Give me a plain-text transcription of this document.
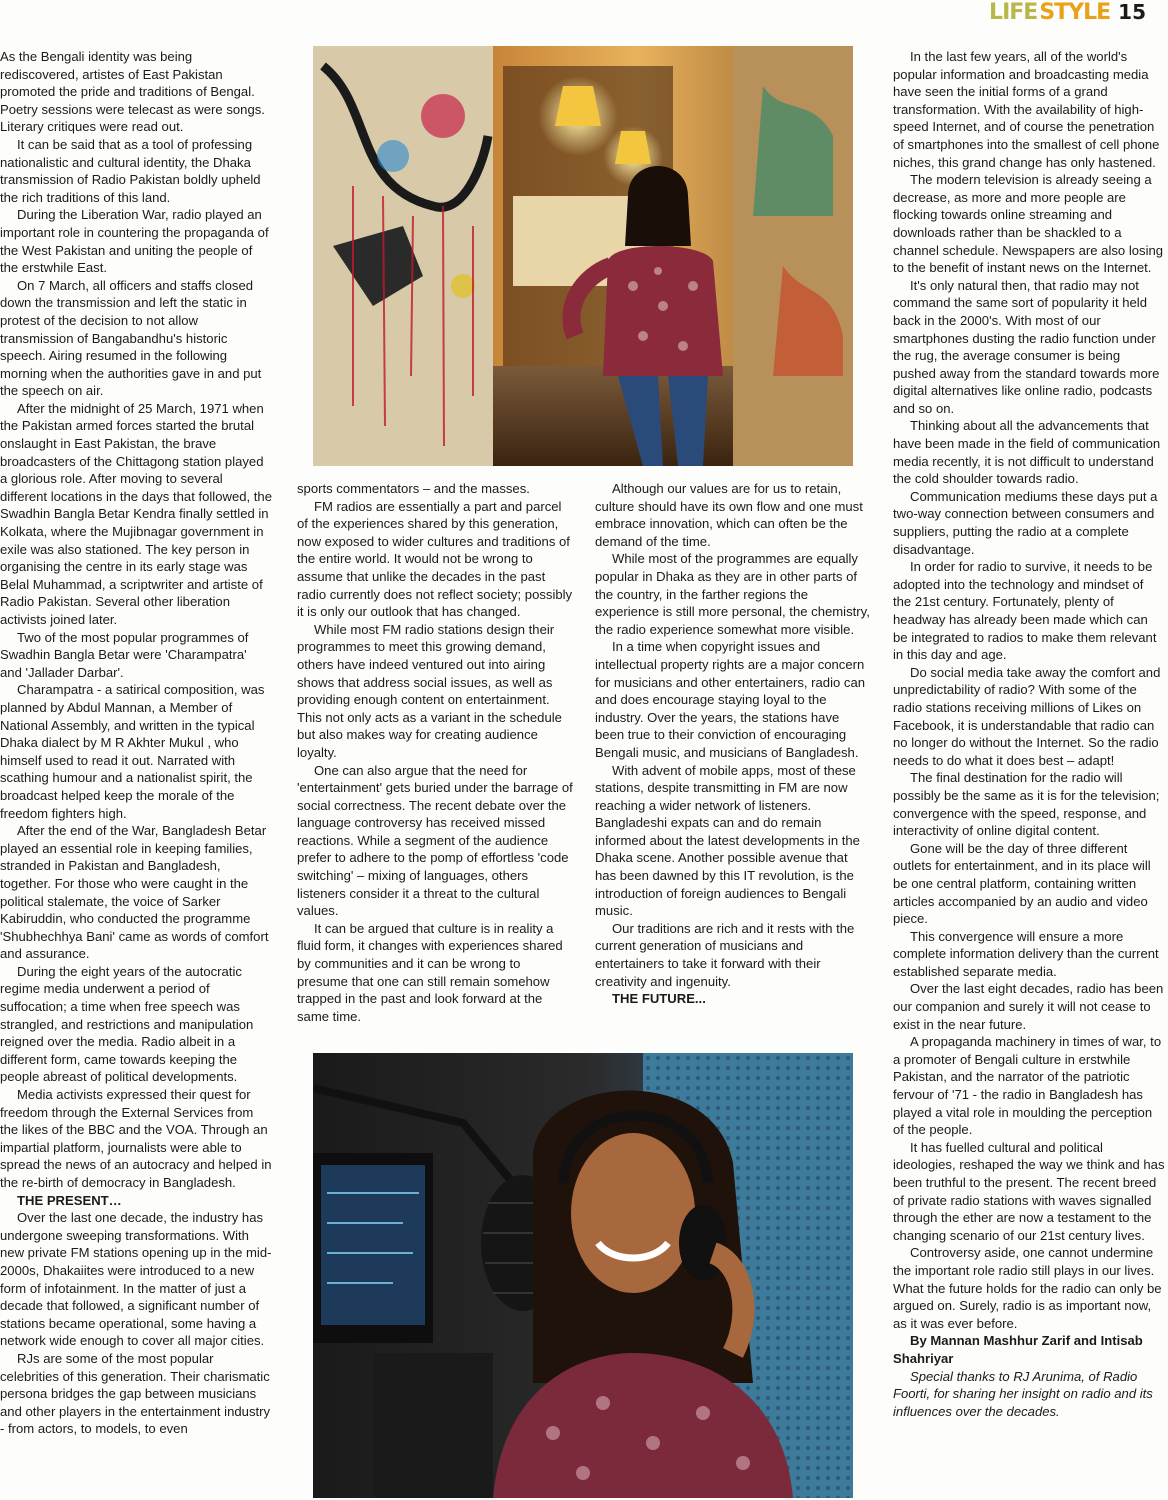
LIFE STYLE 15

As the Bengali identity was being rediscovered, artistes of East Pakistan promoted the pride and traditions of Bengal. Poetry sessions were telecast as were songs. Literary critiques were read out.

It can be said that as a tool of professing nationalistic and cultural identity, the Dhaka transmission of Radio Pakistan boldly upheld the rich traditions of this land.

During the Liberation War, radio played an important role in countering the propaganda of the West Pakistan and uniting the people of the erstwhile East.

On 7 March, all officers and staffs closed down the transmission and left the static in protest of the decision to not allow transmission of Bangabandhu's historic speech. Airing resumed in the following morning when the authorities gave in and put the speech on air.

After the midnight of 25 March, 1971 when the Pakistan armed forces started the brutal onslaught in East Pakistan, the brave broadcasters of the Chittagong station played a glorious role. After moving to several different locations in the days that followed, the Swadhin Bangla Betar Kendra finally settled in Kolkata, where the Mujibnagar government in exile was also stationed. The key person in organising the centre in its early stage was Belal Muhammad, a scriptwriter and artiste of Radio Pakistan. Several other liberation activists joined later.

Two of the most popular programmes of Swadhin Bangla Betar were 'Charampatra' and 'Jallader Darbar'.

Charampatra - a satirical composition, was planned by Abdul Mannan, a Member of National Assembly, and written in the typical Dhaka dialect by M R Akhter Mukul , who himself used to read it out. Narrated with scathing humour and a nationalist spirit, the broadcast helped keep the morale of the freedom fighters high.

After the end of the War, Bangladesh Betar played an essential role in keeping families, stranded in Pakistan and Bangladesh, together. For those who were caught in the political stalemate, the voice of Sarker Kabiruddin, who conducted the programme 'Shubhechhya Bani' came as words of comfort and assurance.

During the eight years of the autocratic regime media underwent a period of suffocation; a time when free speech was strangled, and restrictions and manipulation reigned over the media. Radio albeit in a different form, came towards keeping the people abreast of political developments.

Media activists expressed their quest for freedom through the External Services from the likes of the BBC and the VOA. Through an impartial platform, journalists were able to spread the news of an autocracy and helped in the re-birth of democracy in Bangladesh.

THE PRESENT…

Over the last one decade, the industry has undergone sweeping transformations. With new private FM stations opening up in the mid-2000s, Dhakaiites were introduced to a new form of infotainment. In the matter of just a decade that followed, a significant number of stations became operational, some having a network wide enough to cover all major cities.

RJs are some of the most popular celebrities of this generation. Their charismatic persona bridges the gap between musicians and other players in the entertainment industry - from actors, to models, to even

sports commentators – and the masses.

FM radios are essentially a part and parcel of the experiences shared by this generation, now exposed to wider cultures and traditions of the entire world. It would not be wrong to assume that unlike the decades in the past radio currently does not reflect society; possibly it is only our outlook that has changed.

While most FM radio stations design their programmes to meet this growing demand, others have indeed ventured out into airing shows that address social issues, as well as providing enough content on entertainment. This not only acts as a variant in the schedule but also makes way for creating audience loyalty.

One can also argue that the need for 'entertainment' gets buried under the barrage of social correctness. The recent debate over the language controversy has received missed reactions. While a segment of the audience prefer to adhere to the pomp of effortless 'code switching' – mixing of languages, others listeners consider it a threat to the cultural values.

It can be argued that culture is in reality a fluid form, it changes with experiences shared by communities and it can be wrong to presume that one can still remain somehow trapped in the past and look forward at the same time.

Although our values are for us to retain, culture should have its own flow and one must embrace innovation, which can often be the demand of the time.

While most of the programmes are equally popular in Dhaka as they are in other parts of the country, in the farther regions the experience is still more personal, the chemistry, the radio experience somewhat more visible.

In a time when copyright issues and intellectual property rights are a major concern for musicians and other entertainers, radio can and does encourage staying loyal to the industry. Over the years, the stations have been true to their conviction of encouraging Bengali music, and musicians of Bangladesh.

With advent of mobile apps, most of these stations, despite transmitting in FM are now reaching a wider network of listeners. Bangladeshi expats can and do remain informed about the latest developments in the Dhaka scene. Another possible avenue that has been dawned by this IT revolution, is the introduction of foreign audiences to Bengali music.

Our traditions are rich and it rests with the current generation of musicians and entertainers to take it forward with their creativity and ingenuity.

THE FUTURE...

In the last few years, all of the world's popular information and broadcasting media have seen the initial forms of a grand transformation. With the availability of high-speed Internet, and of course the penetration of smartphones into the smallest of cell phone niches, this grand change has only hastened.

The modern television is already seeing a decrease, as more and more people are flocking towards online streaming and downloads rather than be shackled to a channel schedule. Newspapers are also losing to the benefit of instant news on the Internet.

It's only natural then, that radio may not command the same sort of popularity it held back in the 2000's. With most of our smartphones dusting the radio function under the rug, the average consumer is being pushed away from the standard towards more digital alternatives like online radio, podcasts and so on.

Thinking about all the advancements that have been made in the field of communication media recently, it is not difficult to understand the cold shoulder towards radio.

Communication mediums these days put a two-way connection between consumers and suppliers, putting the radio at a complete disadvantage.

In order for radio to survive, it needs to be adopted into the technology and mindset of the 21st century. Fortunately, plenty of headway has already been made which can be integrated to radios to make them relevant in this day and age.

Do social media take away the comfort and unpredictability of radio? With some of the radio stations receiving millions of Likes on Facebook, it is understandable that radio can no longer do without the Internet. So the radio needs to do what it does best – adapt!

The final destination for the radio will possibly be the same as it is for the television; convergence with the speed, response, and interactivity of online digital content.

Gone will be the day of three different outlets for entertainment, and in its place will be one central platform, containing written articles accompanied by an audio and video piece.

This convergence will ensure a more complete information delivery than the current established separate media.

Over the last eight decades, radio has been our companion and surely it will not cease to exist in the near future.

A propaganda machinery in times of war, to a promoter of Bengali culture in erstwhile Pakistan, and the narrator of the patriotic fervour of '71 - the radio in Bangladesh has played a vital role in moulding the perception of the people.

It has fuelled cultural and political ideologies, reshaped the way we think and has been truthful to the present. The recent breed of private radio stations with waves signalled through the ether are now a testament to the changing scenario of our 21st century lives.

Controversy aside, one cannot undermine the important role radio still plays in our lives. What the future holds for the radio can only be argued on. Surely, radio is as important now, as it was ever before.

By Mannan Mashhur Zarif and Intisab Shahriyar

Special thanks to RJ Arunima, of Radio Foorti, for sharing her insight on radio and its influences over the decades.
